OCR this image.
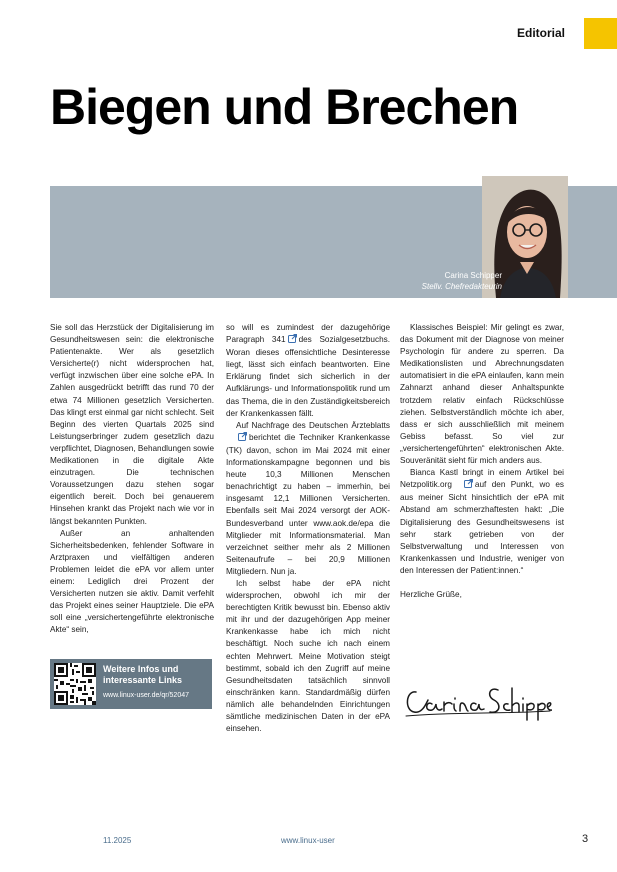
Editorial
Biegen und Brechen
Carina Schipper
Stellv. Chefredakteurin

Sie soll das Herzstück der Digitalisierung im Gesundheitswesen sein: die elektronische Patientenakte. Wer als gesetzlich Versicherte(r) nicht widersprochen hat, verfügt inzwischen über eine solche ePA. In Zahlen ausgedrückt betrifft das rund 70 der etwa 74 Millionen gesetzlich Versicherten. Das klingt erst einmal gar nicht schlecht. Seit Beginn des vierten Quartals 2025 sind Leistungserbringer zudem gesetzlich dazu verpflichtet, Diagnosen, Behandlungen sowie Medikationen in die digitale Akte einzutragen. Die technischen Voraussetzungen dazu stehen sogar eigentlich bereit. Doch bei genauerem Hinsehen krankt das Projekt nach wie vor in längst bekannten Punkten.

Außer an anhaltenden Sicherheitsbedenken, fehlender Software in Arztpraxen und vielfältigen anderen Problemen leidet die ePA vor allem unter einem: Lediglich drei Prozent der Versicherten nutzen sie aktiv. Damit verfehlt das Projekt eines seiner Hauptziele. Die ePA soll eine „versichertengeführte elektronische Akte“ sein,

so will es zumindest der dazugehörige Paragraph 341 des Sozialgesetzbuchs. Woran dieses offensichtliche Desinteresse liegt, lässt sich einfach beantworten. Eine Erklärung findet sich sicherlich in der Aufklärungs- und Informationspolitik rund um das Thema, die in den Zuständigkeitsbereich der Krankenkassen fällt.

Auf Nachfrage des Deutschen Ärzteblattsberichtet die Techniker Krankenkasse (TK) davon, schon im Mai 2024 mit einer Informationskampagne begonnen und bis heute 10,3 Millionen Menschen benachrichtigt zu haben – immerhin, bei insgesamt 12,1 Millionen Versicherten. Ebenfalls seit Mai 2024 versorgt der AOK-Bundesverband unter www.aok.de/epa die Mitglieder mit Informationsmaterial. Man verzeichnet seither mehr als 2 Millionen Seitenaufrufe – bei 20,9 Millionen Mitgliedern. Nun ja.

Ich selbst habe der ePA nicht widersprochen, obwohl ich mir der berechtigten Kritik bewusst bin. Ebenso aktiv mit ihr und der dazugehörigen App meiner Krankenkasse habe ich mich nicht beschäftigt. Noch suche ich nach einem echten Mehrwert. Meine Motivation steigt bestimmt, sobald ich den Zugriff auf meine Gesundheitsdaten tatsächlich sinnvoll einschränken kann. Standardmäßig dürfen nämlich alle behandelnden Einrichtungen sämtliche medizinischen Daten in der ePA einsehen.

Klassisches Beispiel: Mir gelingt es zwar, das Dokument mit der Diagnose von meiner Psychologin für andere zu sperren. Da Medikationslisten und Abrechnungsdaten automatisiert in die ePA einlaufen, kann mein Zahnarzt anhand dieser Anhaltspunkte trotzdem relativ einfach Rückschlüsse ziehen. Selbstverständlich möchte ich aber, dass er sich ausschließlich mit meinem Gebiss befasst. So viel zur „versichertengeführten“ elektronischen Akte. Souveränität sieht für mich anders aus.

Bianca Kastl bringt in einem Artikel bei Netzpolitik.org	auf den Punkt, wo es aus meiner Sicht hinsichtlich der ePA mit Abstand am schmerzhaftesten hakt: „Die Digitalisierung des Gesundheitswesens ist sehr stark getrieben von der Selbstverwaltung und Interessen von Krankenkassen und Industrie, weniger von den Interessen der Patient:innen.“

Herzliche Grüße,

Weitere Infos und
interessante Links
www.linux-user.de/qr/52047
11.2025	www.linux-user	3
